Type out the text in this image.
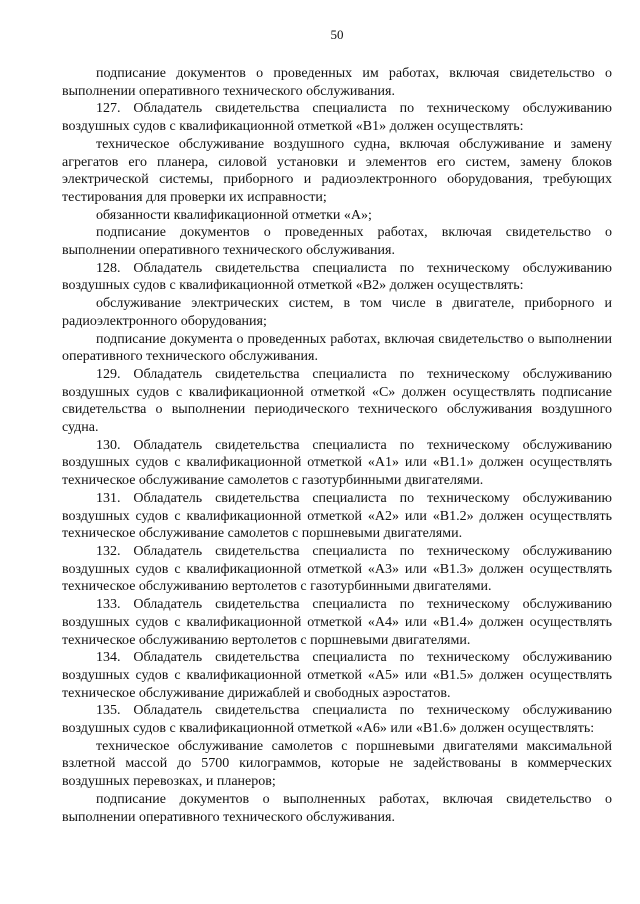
50

подписание документов о проведенных им работах, включая свидетельство о выполнении оперативного технического обслуживания.

127. Обладатель свидетельства специалиста по техническому обслуживанию воздушных судов с квалификационной отметкой «В1» должен осуществлять:

техническое обслуживание воздушного судна, включая обслуживание и замену агрегатов его планера, силовой установки и элементов его систем, замену блоков электрической системы, приборного и радиоэлектронного оборудования, требующих тестирования для проверки их исправности;

обязанности квалификационной отметки «А»;

подписание документов о проведенных работах, включая свидетельство о выполнении оперативного технического обслуживания.

128. Обладатель свидетельства специалиста по техническому обслуживанию воздушных судов с квалификационной отметкой «В2» должен осуществлять:

обслуживание электрических систем, в том числе в двигателе, приборного и радиоэлектронного оборудования;

подписание документа о проведенных работах, включая свидетельство о выполнении оперативного технического обслуживания.

129. Обладатель свидетельства специалиста по техническому обслуживанию воздушных судов с квалификационной отметкой «С» должен осуществлять подписание свидетельства о выполнении периодического технического обслуживания воздушного судна.

130. Обладатель свидетельства специалиста по техническому обслуживанию воздушных судов с квалификационной отметкой «А1» или «В1.1» должен осуществлять техническое обслуживание самолетов с газотурбинными двигателями.

131. Обладатель свидетельства специалиста по техническому обслуживанию воздушных судов с квалификационной отметкой «А2» или «В1.2» должен осуществлять техническое обслуживание самолетов с поршневыми двигателями.

132. Обладатель свидетельства специалиста по техническому обслуживанию воздушных судов с квалификационной отметкой «А3» или «В1.3» должен осуществлять техническое обслуживанию вертолетов с газотурбинными двигателями.

133. Обладатель свидетельства специалиста по техническому обслуживанию воздушных судов с квалификационной отметкой «А4» или «В1.4» должен осуществлять техническое обслуживанию вертолетов с поршневыми двигателями.

134. Обладатель свидетельства специалиста по техническому обслуживанию воздушных судов с квалификационной отметкой «А5» или «В1.5» должен осуществлять техническое обслуживание дирижаблей и свободных аэростатов.

135. Обладатель свидетельства специалиста по техническому обслуживанию воздушных судов с квалификационной отметкой «А6» или «В1.6» должен осуществлять:

техническое обслуживание самолетов с поршневыми двигателями максимальной взлетной массой до 5700 килограммов, которые не задействованы в коммерческих воздушных перевозках, и планеров;

подписание документов о выполненных работах, включая свидетельство о выполнении оперативного технического обслуживания.
